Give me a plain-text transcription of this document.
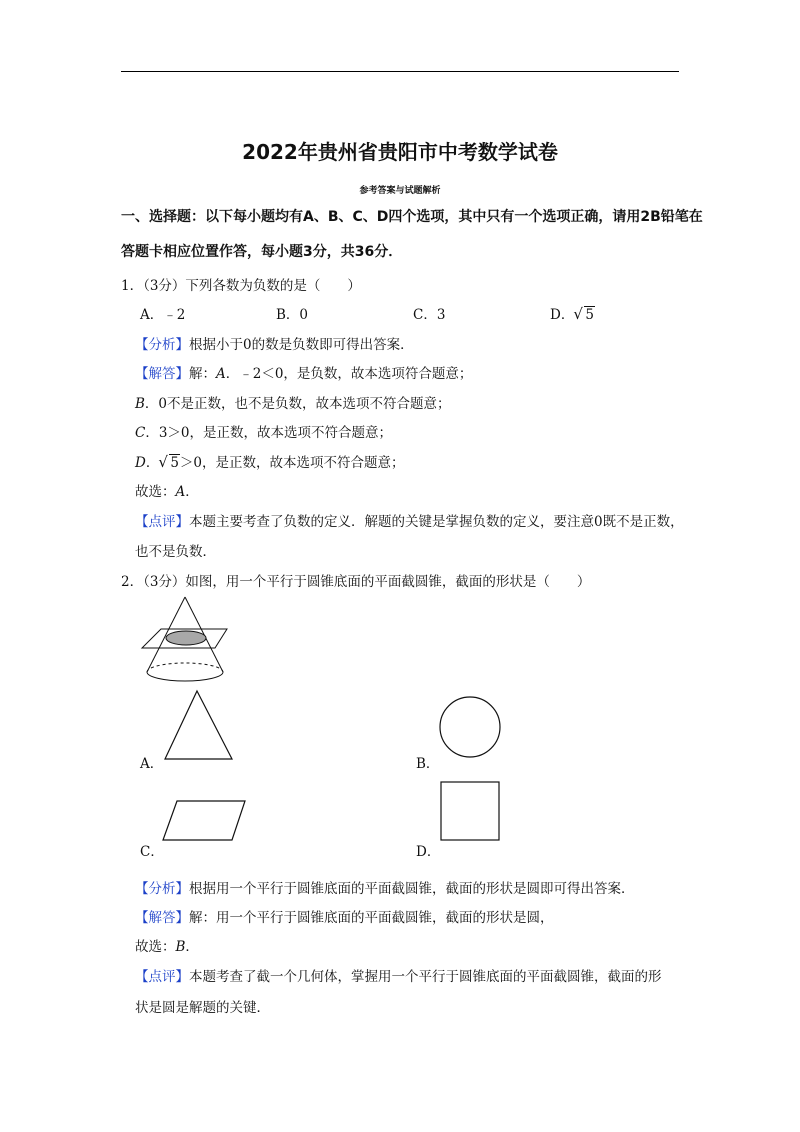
2022年贵州省贵阳市中考数学试卷
参考答案与试题解析
一、选择题：以下每小题均有A、B、C、D四个选项，其中只有一个选项正确，请用2B铅笔在
答题卡相应位置作答，每小题3分，共36分．
1．（3分）下列各数为负数的是（　　）
A．﹣2	B．0	C．3	D． √ 5
【分析】根据小于0的数是负数即可得出答案．
【解答】解：A．﹣2＜0，是负数，故本选项符合题意；
B．0不是正数，也不是负数，故本选项不符合题意；
C．3＞0，是正数，故本选项不符合题意；
D． √ 5＞0，是正数，故本选项不符合题意；
故选：A．
【点评】本题主要考查了负数的定义．解题的关键是掌握负数的定义，要注意0既不是正数，
也不是负数．
2．（3分）如图，用一个平行于圆锥底面的平面截圆锥，截面的形状是（　　）
A．	B．
C．	D．
【分析】根据用一个平行于圆锥底面的平面截圆锥，截面的形状是圆即可得出答案．
【解答】解：用一个平行于圆锥底面的平面截圆锥，截面的形状是圆，
故选：B．
【点评】本题考查了截一个几何体，掌握用一个平行于圆锥底面的平面截圆锥，截面的形
状是圆是解题的关键．
